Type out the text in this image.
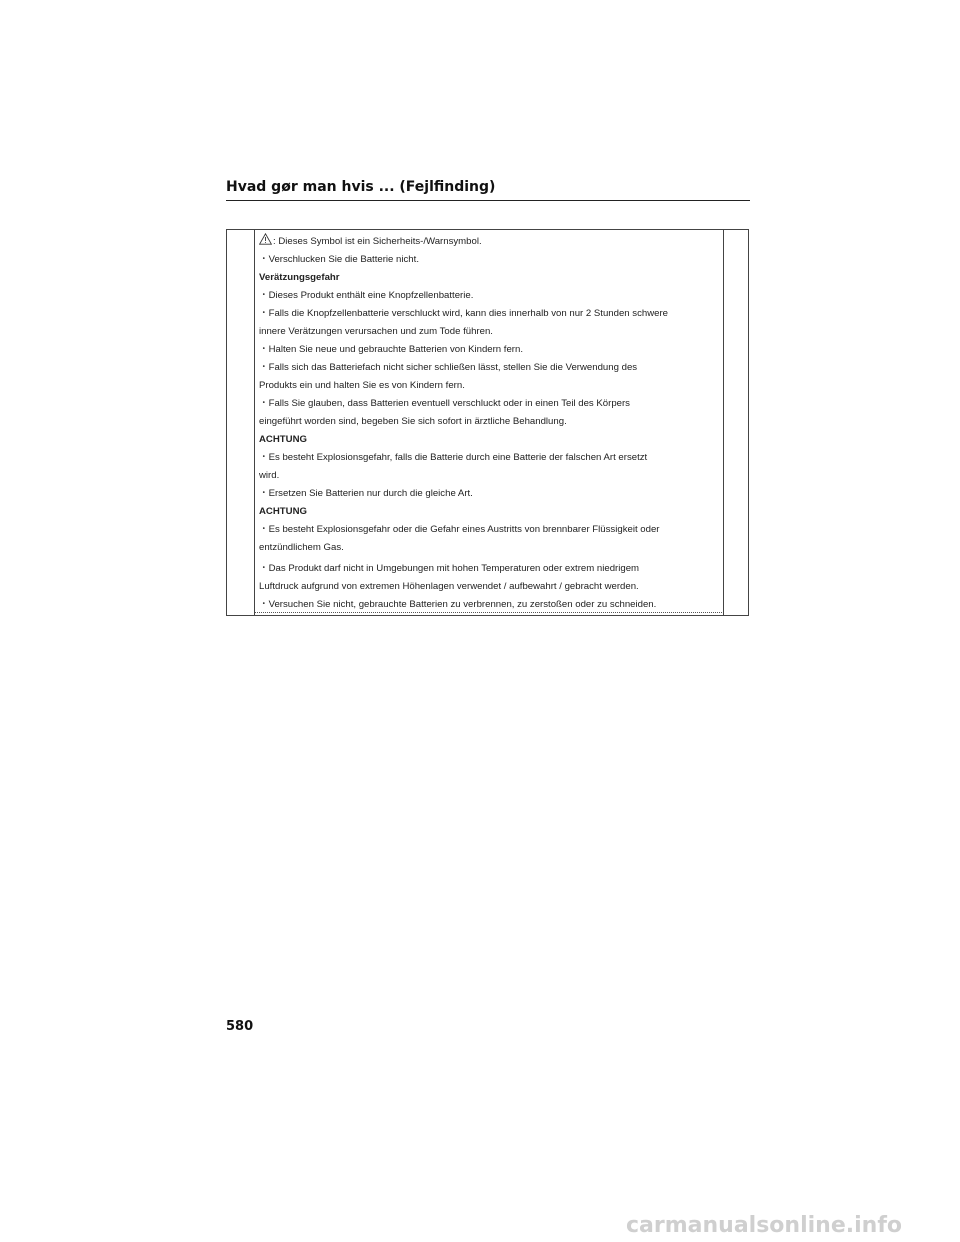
Hvad gør man hvis ... (Fejlfinding)
: Dieses Symbol ist ein Sicherheits-/Warnsymbol.
・Verschlucken Sie die Batterie nicht.
Verätzungsgefahr
・Dieses Produkt enthält eine Knopfzellenbatterie.
・Falls die Knopfzellenbatterie verschluckt wird, kann dies innerhalb von nur 2 Stunden schwere
innere Verätzungen verursachen und zum Tode führen.
・Halten Sie neue und gebrauchte Batterien von Kindern fern.
・Falls sich das Batteriefach nicht sicher schließen lässt, stellen Sie die Verwendung des
Produkts ein und halten Sie es von Kindern fern.
・Falls Sie glauben, dass Batterien eventuell verschluckt oder in einen Teil des Körpers
eingeführt worden sind, begeben Sie sich sofort in ärztliche Behandlung.
ACHTUNG
・Es besteht Explosionsgefahr, falls die Batterie durch eine Batterie der falschen Art ersetzt
wird.
・Ersetzen Sie Batterien nur durch die gleiche Art.
ACHTUNG
・Es besteht Explosionsgefahr oder die Gefahr eines Austritts von brennbarer Flüssigkeit oder
entzündlichem Gas.
・Das Produkt darf nicht in Umgebungen mit hohen Temperaturen oder extrem niedrigem
Luftdruck aufgrund von extremen Höhenlagen verwendet / aufbewahrt / gebracht werden.
・Versuchen Sie nicht, gebrauchte Batterien zu verbrennen, zu zerstoßen oder zu schneiden.
580
carmanualsonline.info
